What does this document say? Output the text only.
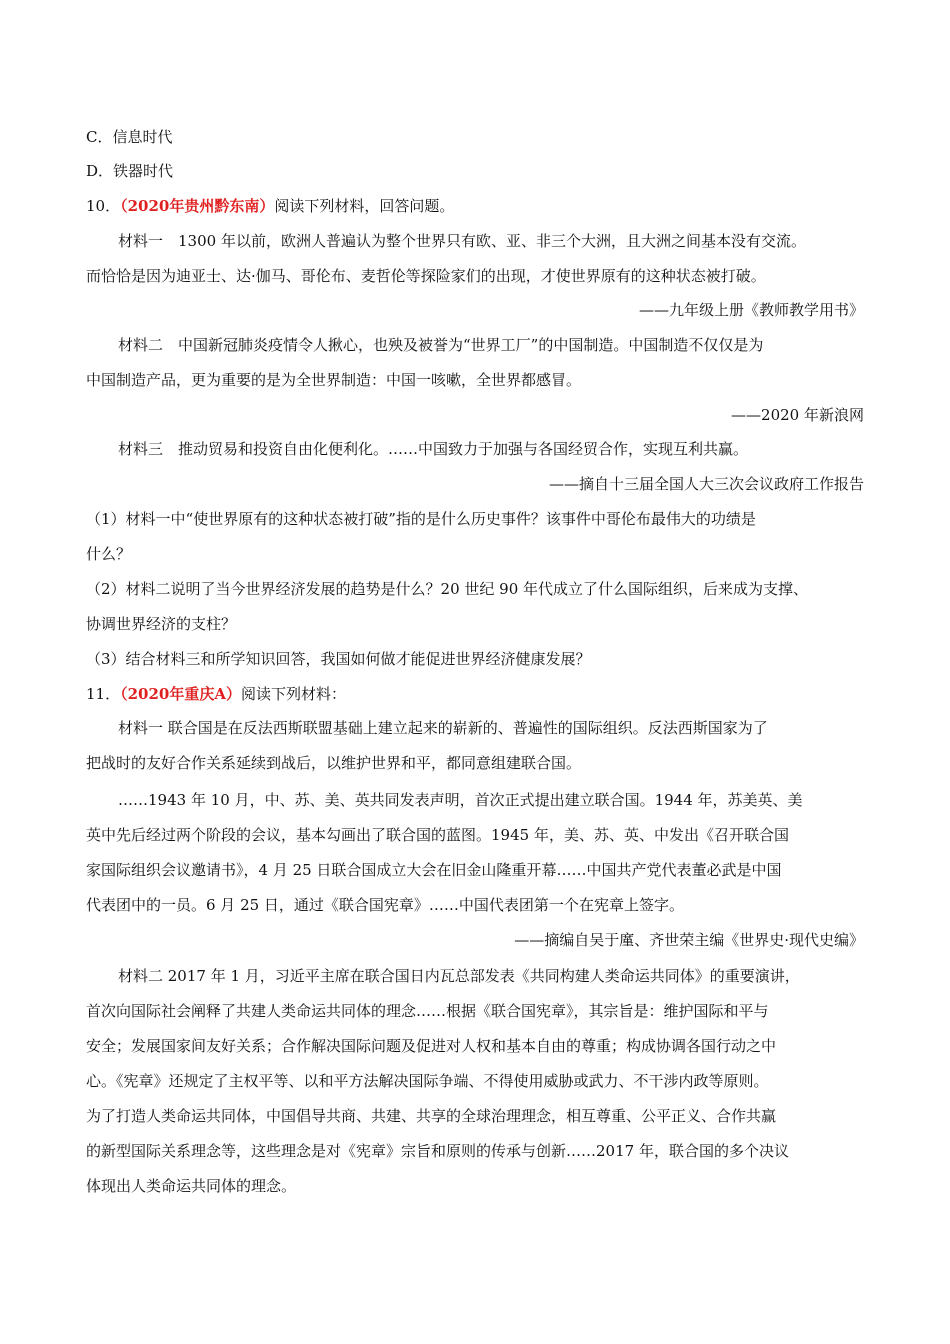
C．信息时代
D．铁器时代
10．（2020年贵州黔东南）阅读下列材料，回答问题。
材料一　1300 年以前，欧洲人普遍认为整个世界只有欧、亚、非三个大洲，且大洲之间基本没有交流。
而恰恰是因为迪亚士、达·伽马、哥伦布、麦哲伦等探险家们的出现，才使世界原有的这种状态被打破。
——九年级上册《教师教学用书》
材料二　中国新冠肺炎疫情令人揪心，也殃及被誉为“世界工厂”的中国制造。中国制造不仅仅是为
中国制造产品，更为重要的是为全世界制造：中国一咳嗽，全世界都感冒。
——2020 年新浪网
材料三　推动贸易和投资自由化便利化。……中国致力于加强与各国经贸合作，实现互利共赢。
——摘自十三届全国人大三次会议政府工作报告
（1）材料一中“使世界原有的这种状态被打破”指的是什么历史事件？该事件中哥伦布最伟大的功绩是
什么？
（2）材料二说明了当今世界经济发展的趋势是什么？20 世纪 90 年代成立了什么国际组织，后来成为支撑、
协调世界经济的支柱？
（3）结合材料三和所学知识回答，我国如何做才能促进世界经济健康发展？
11．（2020年重庆A）阅读下列材料：
材料一 联合国是在反法西斯联盟基础上建立起来的崭新的、普遍性的国际组织。反法西斯国家为了
把战时的友好合作关系延续到战后，以维护世界和平，都同意组建联合国。
……1943 年 10 月，中、苏、美、英共同发表声明，首次正式提出建立联合国。1944 年，苏美英、美
英中先后经过两个阶段的会议，基本勾画出了联合国的蓝图。1945 年，美、苏、英、中发出《召开联合国
家国际组织会议邀请书》，4 月 25 日联合国成立大会在旧金山隆重开幕……中国共产党代表董必武是中国
代表团中的一员。6 月 25 日，通过《联合国宪章》……中国代表团第一个在宪章上签字。
——摘编自吴于廑、齐世荣主编《世界史·现代史编》
材料二 2017 年 1 月，习近平主席在联合国日内瓦总部发表《共同构建人类命运共同体》的重要演讲，
首次向国际社会阐释了共建人类命运共同体的理念……根据《联合国宪章》，其宗旨是：维护国际和平与
安全；发展国家间友好关系；合作解决国际问题及促进对人权和基本自由的尊重；构成协调各国行动之中
心。《宪章》还规定了主权平等、以和平方法解决国际争端、不得使用威胁或武力、不干涉内政等原则。
为了打造人类命运共同体，中国倡导共商、共建、共享的全球治理理念，相互尊重、公平正义、合作共赢
的新型国际关系理念等，这些理念是对《宪章》宗旨和原则的传承与创新……2017 年，联合国的多个决议
体现出人类命运共同体的理念。
